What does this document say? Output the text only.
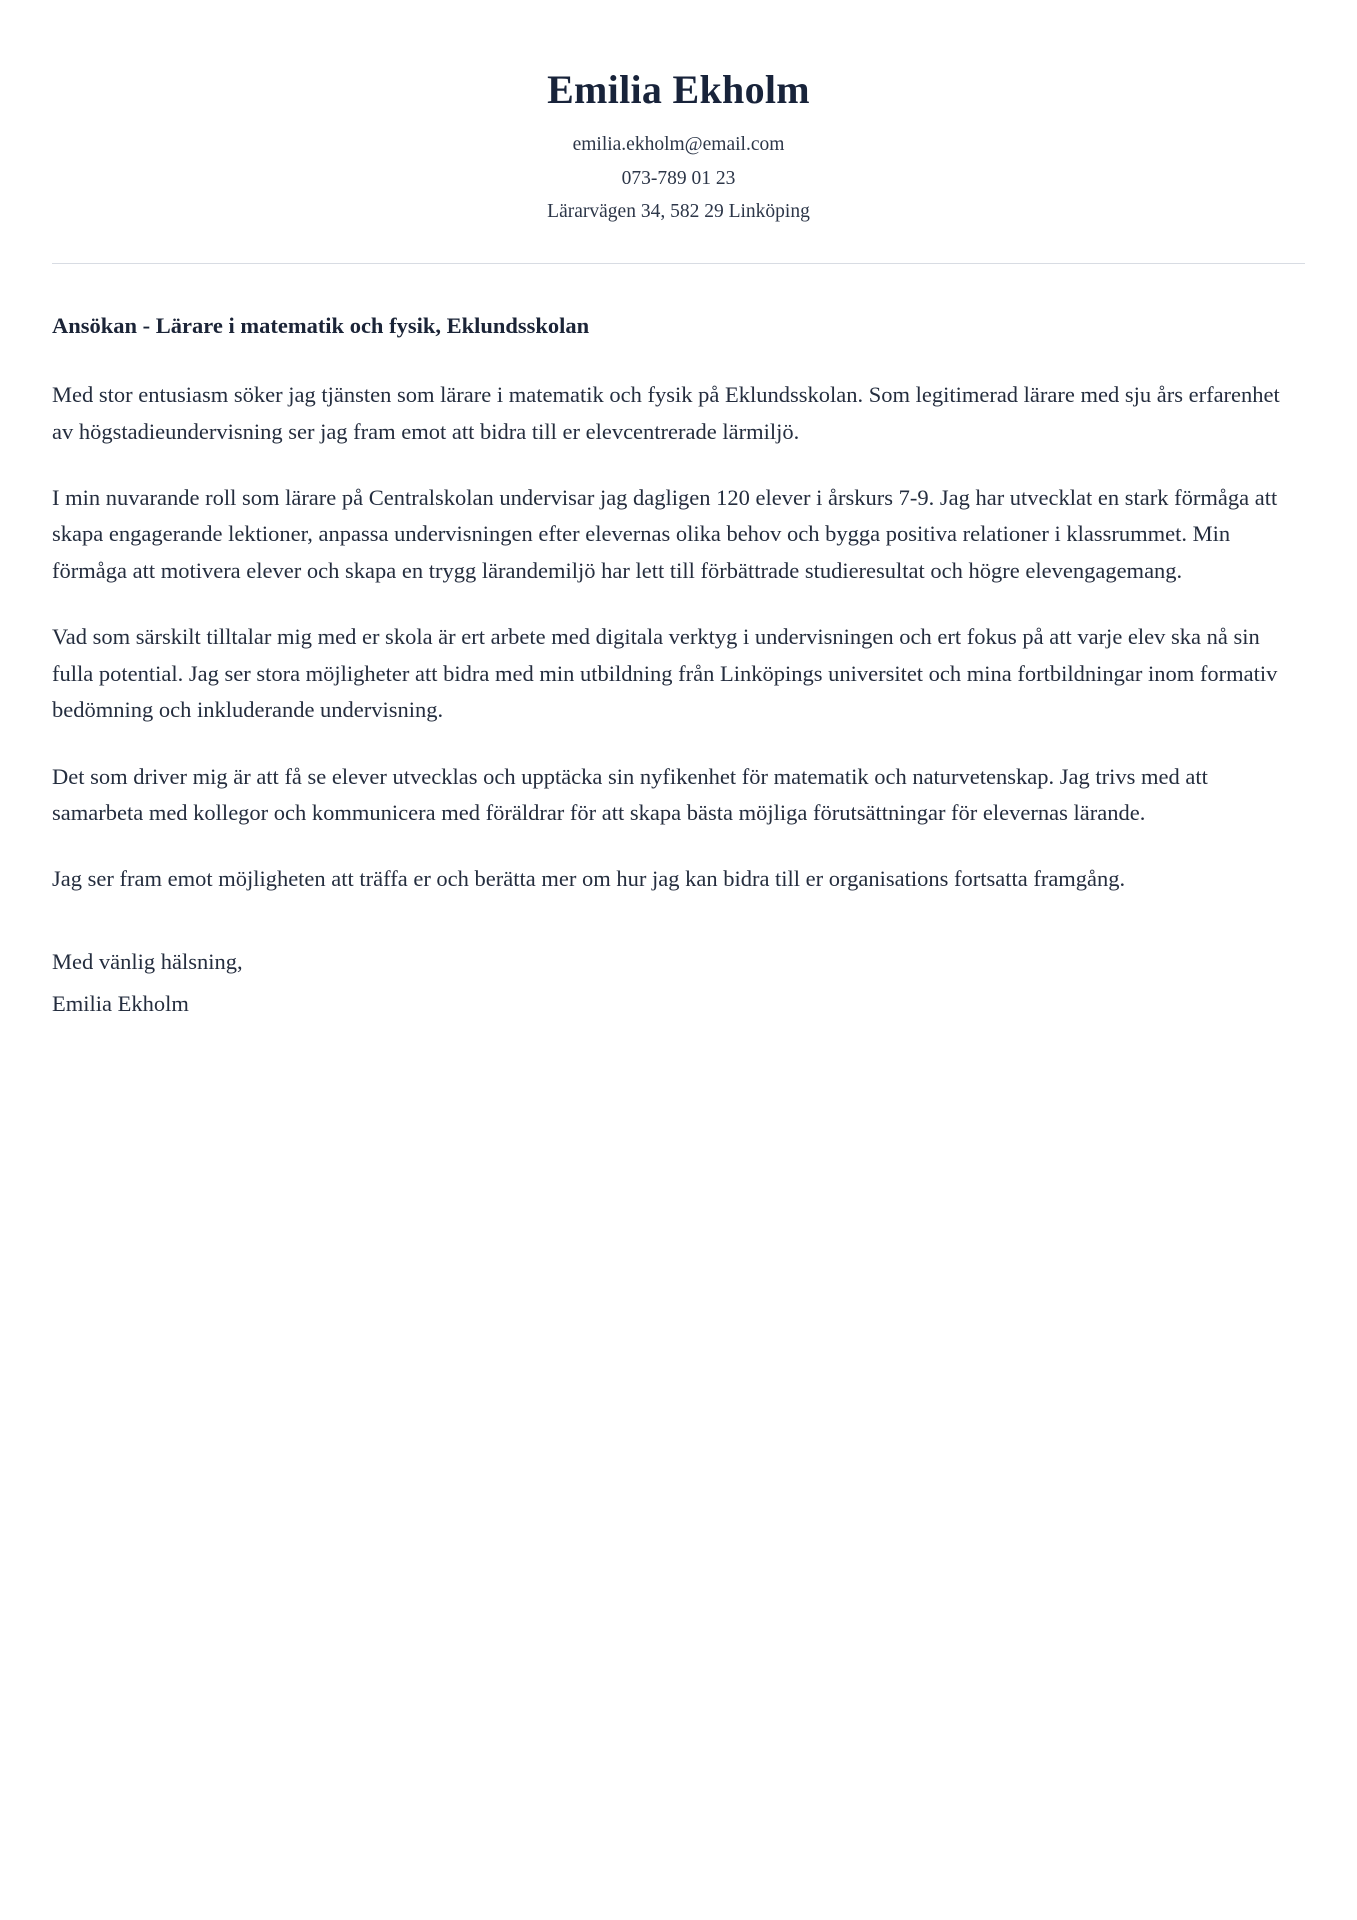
Emilia Ekholm

emilia.ekholm@email.com

073-789 01 23

Lärarvägen 34, 582 29 Linköping

Ansökan - Lärare i matematik och fysik, Eklundsskolan

Med stor entusiasm söker jag tjänsten som lärare i matematik och fysik på Eklundsskolan. Som legitimerad lärare med sju års erfarenhet av högstadieundervisning ser jag fram emot att bidra till er elevcentrerade lärmiljö.

I min nuvarande roll som lärare på Centralskolan undervisar jag dagligen 120 elever i årskurs 7-9. Jag har utvecklat en stark förmåga att skapa engagerande lektioner, anpassa undervisningen efter elevernas olika behov och bygga positiva relationer i klassrummet. Min förmåga att motivera elever och skapa en trygg lärandemiljö har lett till förbättrade studieresultat och högre elevengagemang.

Vad som särskilt tilltalar mig med er skola är ert arbete med digitala verktyg i undervisningen och ert fokus på att varje elev ska nå sin fulla potential. Jag ser stora möjligheter att bidra med min utbildning från Linköpings universitet och mina fortbildningar inom formativ bedömning och inkluderande undervisning.

Det som driver mig är att få se elever utvecklas och upptäcka sin nyfikenhet för matematik och naturvetenskap. Jag trivs med att samarbeta med kollegor och kommunicera med föräldrar för att skapa bästa möjliga förutsättningar för elevernas lärande.

Jag ser fram emot möjligheten att träffa er och berätta mer om hur jag kan bidra till er organisations fortsatta framgång.

Med vänlig hälsning,
Emilia Ekholm
